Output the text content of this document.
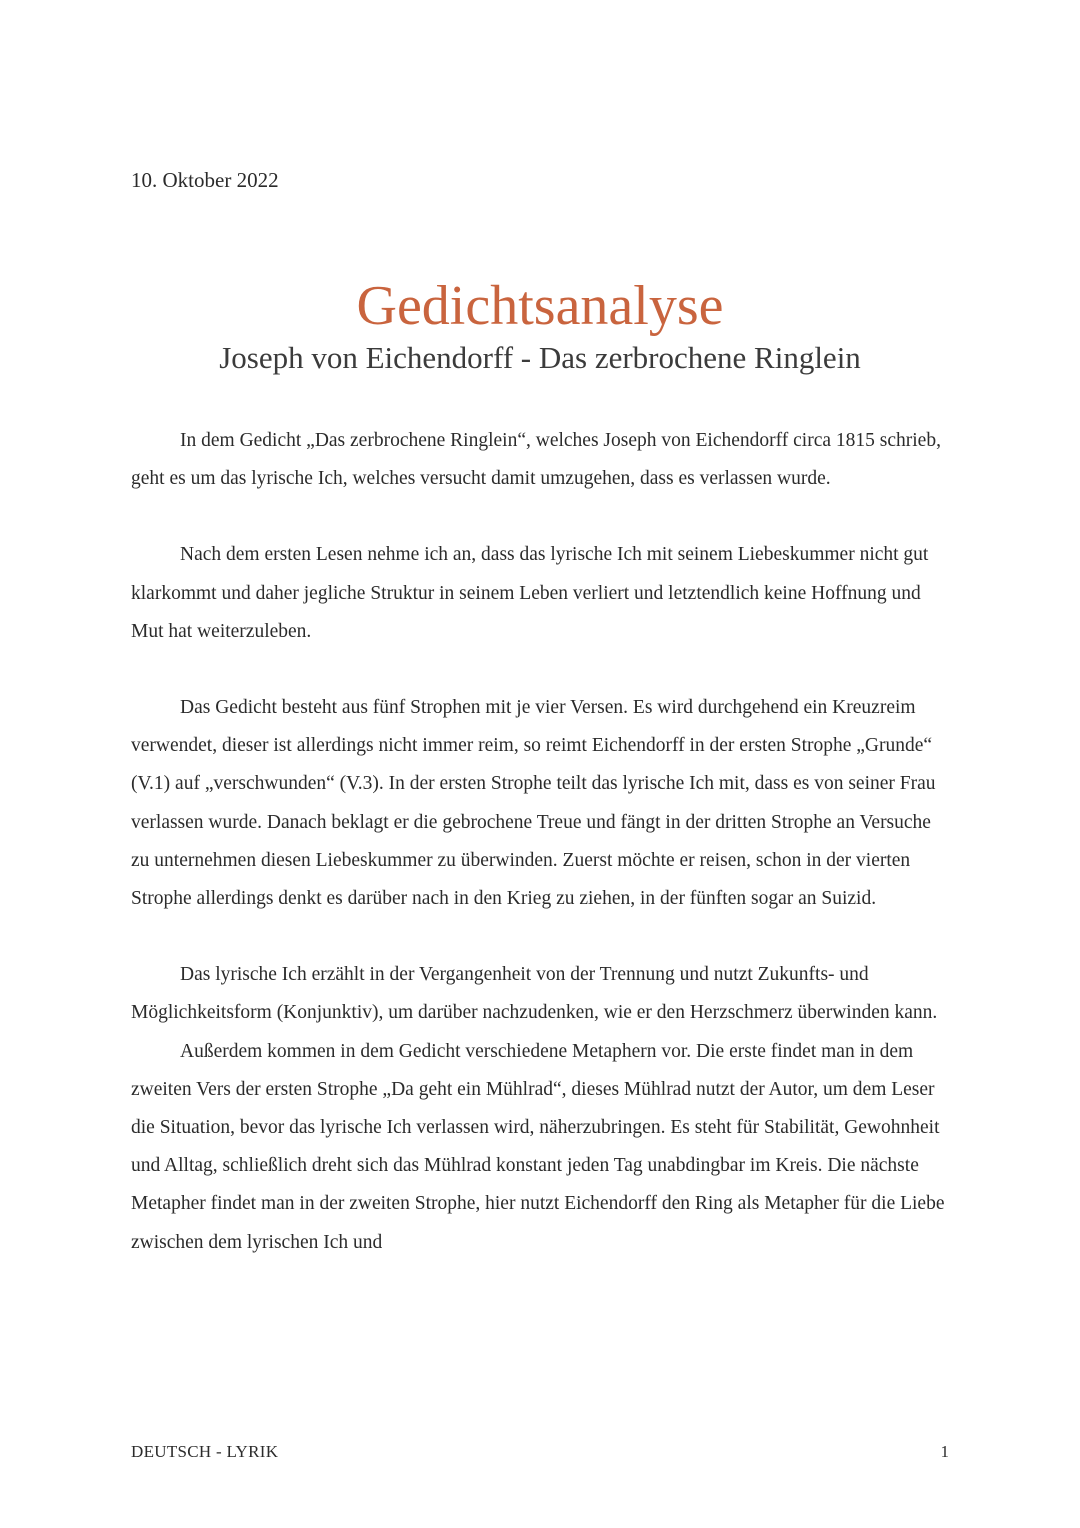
10. Oktober 2022
Gedichtsanalyse
Joseph von Eichendorff - Das zerbrochene Ringlein

In dem Gedicht „Das zerbrochene Ringlein“, welches Joseph von Eichendorff circa 1815 schrieb, geht es um das lyrische Ich, welches versucht damit umzugehen, dass es verlassen wurde.

Nach dem ersten Lesen nehme ich an, dass das lyrische Ich mit seinem Liebeskummer nicht gut klarkommt und daher jegliche Struktur in seinem Leben verliert und letztendlich keine Hoffnung und Mut hat weiterzuleben.

Das Gedicht besteht aus fünf Strophen mit je vier Versen. Es wird durchgehend ein Kreuzreim verwendet, dieser ist allerdings nicht immer reim, so reimt Eichendorff in der ersten Strophe „Grunde“ (V.1) auf „verschwunden“ (V.3). In der ersten Strophe teilt das lyrische Ich mit, dass es von seiner Frau verlassen wurde. Danach beklagt er die gebrochene Treue und fängt in der dritten Strophe an Versuche zu unternehmen diesen Liebeskummer zu überwinden. Zuerst möchte er reisen, schon in der vierten Strophe allerdings denkt es darüber nach in den Krieg zu ziehen, in der fünften sogar an Suizid.

Das lyrische Ich erzählt in der Vergangenheit von der Trennung und nutzt Zukunfts- und Möglichkeitsform (Konjunktiv), um darüber nachzudenken, wie er den Herzschmerz überwinden kann.

Außerdem kommen in dem Gedicht verschiedene Metaphern vor. Die erste findet man in dem zweiten Vers der ersten Strophe „Da geht ein Mühlrad“, dieses Mühlrad nutzt der Autor, um dem Leser die Situation, bevor das lyrische Ich verlassen wird, näherzubringen. Es steht für Stabilität, Gewohnheit und Alltag, schließlich dreht sich das Mühlrad konstant jeden Tag unabdingbar im Kreis. Die nächste Metapher findet man in der zweiten Strophe, hier nutzt Eichendorff den Ring als Metapher für die Liebe zwischen dem lyrischen Ich und

DEUTSCH - LYRIK	1
